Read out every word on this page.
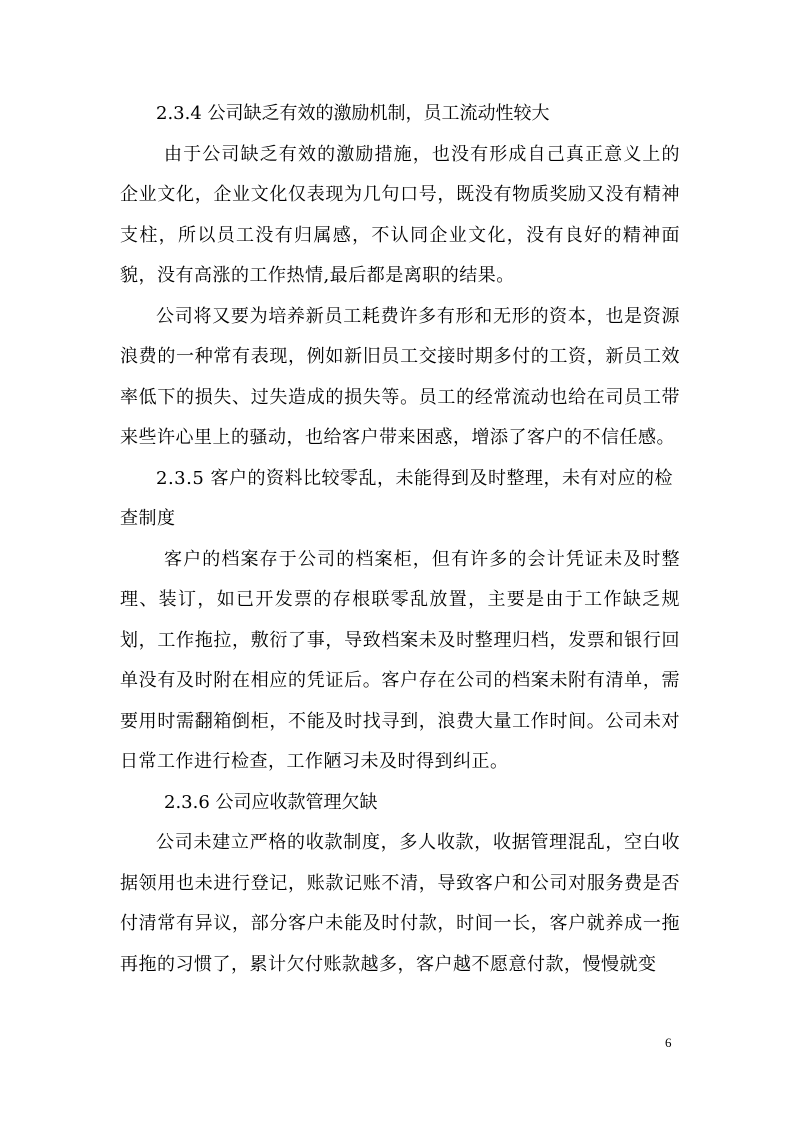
2.3.4 公司缺乏有效的激励机制，员工流动性较大

由于公司缺乏有效的激励措施，也没有形成自己真正意义上的企业文化，企业文化仅表现为几句口号，既没有物质奖励又没有精神支柱，所以员工没有归属感，不认同企业文化，没有良好的精神面貌，没有高涨的工作热情,最后都是离职的结果。

公司将又要为培养新员工耗费许多有形和无形的资本，也是资源浪费的一种常有表现，例如新旧员工交接时期多付的工资，新员工效率低下的损失、过失造成的损失等。员工的经常流动也给在司员工带来些许心里上的骚动，也给客户带来困惑，增添了客户的不信任感。

2.3.5 客户的资料比较零乱，未能得到及时整理，未有对应的检查制度

客户的档案存于公司的档案柜，但有许多的会计凭证未及时整理、装订，如已开发票的存根联零乱放置，主要是由于工作缺乏规划，工作拖拉，敷衍了事，导致档案未及时整理归档，发票和银行回单没有及时附在相应的凭证后。客户存在公司的档案未附有清单，需要用时需翻箱倒柜，不能及时找寻到，浪费大量工作时间。公司未对日常工作进行检查，工作陋习未及时得到纠正。

2.3.6 公司应收款管理欠缺

公司未建立严格的收款制度，多人收款，收据管理混乱，空白收据领用也未进行登记，账款记账不清，导致客户和公司对服务费是否付清常有异议，部分客户未能及时付款，时间一长，客户就养成一拖再拖的习惯了，累计欠付账款越多，客户越不愿意付款，慢慢就变

6
